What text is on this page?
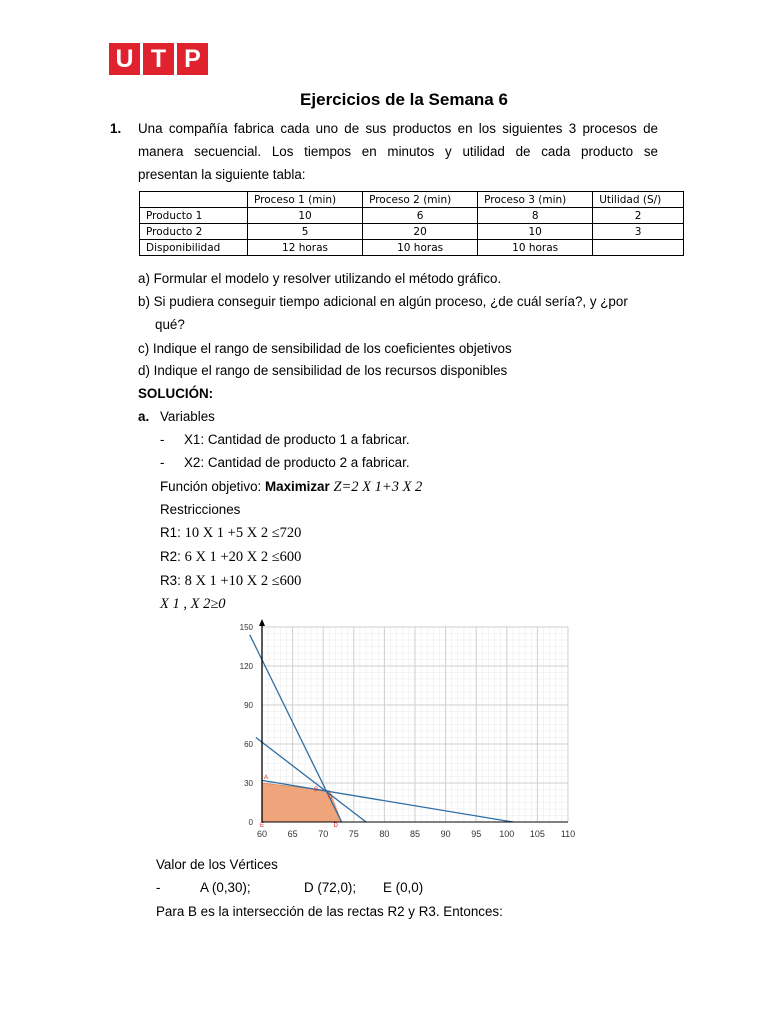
U T P
Ejercicios de la Semana 6
1. Una compañía fabrica cada uno de sus productos en los siguientes 3 procesos de
manera secuencial. Los tiempos en minutos y utilidad de cada producto se
presentan la siguiente tabla:
	Proceso 1 (min)	Proceso 2 (min)	Proceso 3 (min)	Utilidad (S/)
Producto 1	10	6	8	2
Producto 2	5	20	10	3
Disponibilidad	12 horas	10 horas	10 horas	
a) Formular el modelo y resolver utilizando el método gráfico.
b) Si pudiera conseguir tiempo adicional en algún proceso, ¿de cuál sería?, y ¿por
qué?
c) Indique el rango de sensibilidad de los coeficientes objetivos
d) Indique el rango de sensibilidad de los recursos disponibles
SOLUCIÓN:
a. Variables
- X1: Cantidad de producto 1 a fabricar.
- X2: Cantidad de producto 2 a fabricar.
Función objetivo: Maximizar Z=2 X 1+3 X 2
Restricciones
R1: 10 X 1 +5 X 2 ≤720
R2: 6 X 1 +20 X 2 ≤600
R3: 8 X 1 +10 X 2 ≤600
X 1 , X 2≥0
60 65 70 75 80 85 90 95 100 105 110
0
30
60
90
120
150
A
B
C
D
E
Valor de los Vértices
-	A (0,30);	D (72,0); E (0,0)
Para B es la intersección de las rectas R2 y R3. Entonces:
